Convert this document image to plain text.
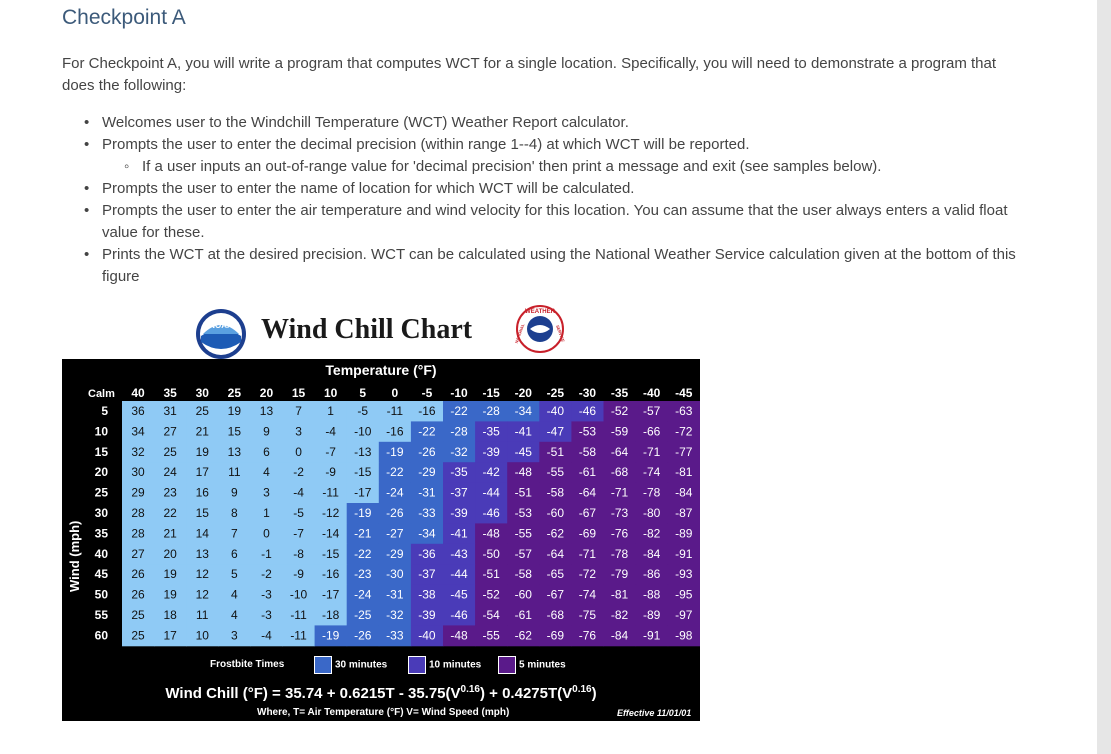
Checkpoint A

For Checkpoint A, you will write a program that computes WCT for a single location. Specifically, you will need to demonstrate a program that does the following:

• Welcomes user to the Windchill Temperature (WCT) Weather Report calculator.
• Prompts the user to enter the decimal precision (within range 1--4) at which WCT will be reported.
◦ If a user inputs an out-of-range value for 'decimal precision' then print a message and exit (see samples below).
• Prompts the user to enter the name of location for which WCT will be calculated.
• Prompts the user to enter the air temperature and wind velocity for this location. You can assume that the user always enters a valid float value for these.
• Prints the WCT at the desired precision. WCT can be calculated using the National Weather Service calculation given at the bottom of this figure
NOAA Wind Chill Chart
WEATHER
NATIONAL	SERVICE
Calm 40 35 30 25 20 15 10 5 0 -5 -10 -15 -20 -25 -30 -35 -40 -45
5 36 31 25 19 13 7 1 -5 -11 -16 -22 -28 -34 -40 -46 -52 -57 -63
10 34 27 21 15 9 3 -4 -10 -16 -22 -28 -35 -41 -47 -53 -59 -66 -72
15 32 25 19 13 6 0 -7 -13 -19 -26 -32 -39 -45 -51 -58 -64 -71 -77
20 30 24 17 11 4 -2 -9 -15 -22 -29 -35 -42 -48 -55 -61 -68 -74 -81
25 29 23 16 9 3 -4 -11 -17 -24 -31 -37 -44 -51 -58 -64 -71 -78 -84
30 28 22 15 8 1 -5 -12 -19 -26 -33 -39 -46 -53 -60 -67 -73 -80 -87
35 28 21 14 7 0 -7 -14 -21 -27 -34 -41 -48 -55 -62 -69 -76 -82 -89
40 27 20 13 6 -1 -8 -15 -22 -29 -36 -43 -50 -57 -64 -71 -78 -84 -91
45 26 19 12 5 -2 -9 -16 -23 -30 -37 -44 -51 -58 -65 -72 -79 -86 -93
50 26 19 12 4 -3 -10 -17 -24 -31 -38 -45 -52 -60 -67 -74 -81 -88 -95
55 25 18 11 4 -3 -11 -18 -25 -32 -39 -46 -54 -61 -68 -75 -82 -89 -97
60 25 17 10 3 -4 -11 -19 -26 -33 -40 -48 -55 -62 -69 -76 -84 -91 -98
Temperature (°F)
Wind (mph)
Frostbite Times	30 minutes	10 minutes	5 minutes
Wind Chill $(^\circ F) = 35.74 + 0.6215T - 35.75(V^{0.16}) + 0.4275T(V^{0.16})$
Where, T= Air Temperature (°F) V= Wind Speed (mph)	Effective 11/01/01
